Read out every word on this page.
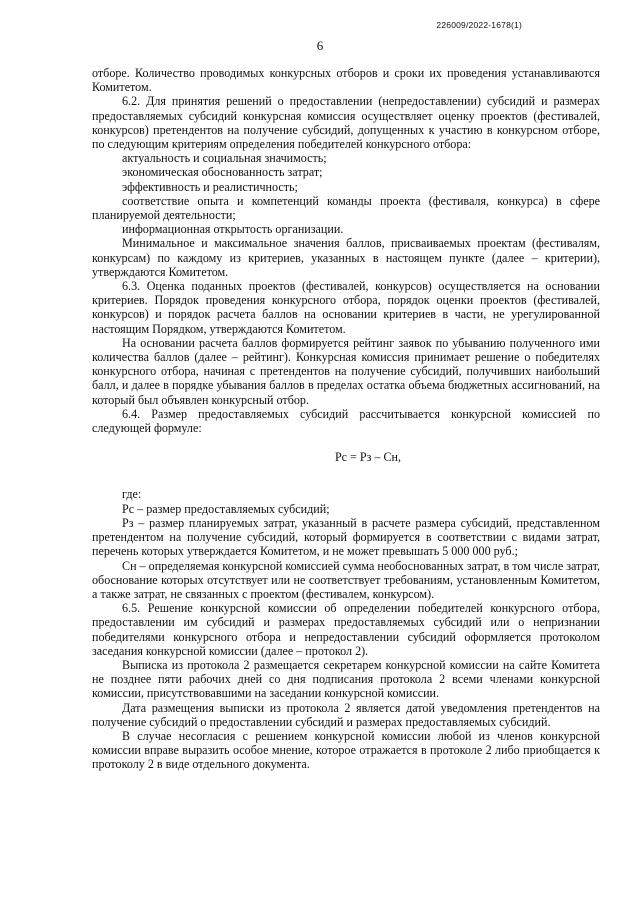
226009/2022-1678(1)
6

отборе. Количество проводимых конкурсных отборов и сроки их проведения устанавливаются Комитетом.

6.2. Для принятия решений о предоставлении (непредоставлении) субсидий и размерах предоставляемых субсидий конкурсная комиссия осуществляет оценку проектов (фестивалей, конкурсов) претендентов на получение субсидий, допущенных к участию в конкурсном отборе, по следующим критериям определения победителей конкурсного отбора:

актуальность и социальная значимость;

экономическая обоснованность затрат;

эффективность и реалистичность;

соответствие опыта и компетенций команды проекта (фестиваля, конкурса) в сфере планируемой деятельности;

информационная открытость организации.

Минимальное и максимальное значения баллов, присваиваемых проектам (фестивалям, конкурсам) по каждому из критериев, указанных в настоящем пункте (далее – критерии), утверждаются Комитетом.

6.3. Оценка поданных проектов (фестивалей, конкурсов) осуществляется на основании критериев. Порядок проведения конкурсного отбора, порядок оценки проектов (фестивалей, конкурсов) и порядок расчета баллов на основании критериев в части, не урегулированной настоящим Порядком, утверждаются Комитетом.

На основании расчета баллов формируется рейтинг заявок по убыванию полученного ими количества баллов (далее – рейтинг). Конкурсная комиссия принимает решение о победителях конкурсного отбора, начиная с претендентов на получение субсидий, получивших наибольший балл, и далее в порядке убывания баллов в пределах остатка объема бюджетных ассигнований, на который был объявлен конкурсный отбор.

6.4. Размер предоставляемых субсидий рассчитывается конкурсной комиссией по следующей формуле:

Рс = Рз – Сн,

где:

Рс – размер предоставляемых субсидий;

Рз – размер планируемых затрат, указанный в расчете размера субсидий, представленном претендентом на получение субсидий, который формируется в соответствии с видами затрат, перечень которых утверждается Комитетом, и не может превышать 5 000 000 руб.;

Сн – определяемая конкурсной комиссией сумма необоснованных затрат, в том числе затрат, обоснование которых отсутствует или не соответствует требованиям, установленным Комитетом, а также затрат, не связанных с проектом (фестивалем, конкурсом).

6.5. Решение конкурсной комиссии об определении победителей конкурсного отбора, предоставлении им субсидий и размерах предоставляемых субсидий или о непризнании победителями конкурсного отбора и непредоставлении субсидий оформляется протоколом заседания конкурсной комиссии (далее – протокол 2).

Выписка из протокола 2 размещается секретарем конкурсной комиссии на сайте Комитета не позднее пяти рабочих дней со дня подписания протокола 2 всеми членами конкурсной комиссии, присутствовавшими на заседании конкурсной комиссии.

Дата размещения выписки из протокола 2 является датой уведомления претендентов на получение субсидий о предоставлении субсидий и размерах предоставляемых субсидий.

В случае несогласия с решением конкурсной комиссии любой из членов конкурсной комиссии вправе выразить особое мнение, которое отражается в протоколе 2 либо приобщается к протоколу 2 в виде отдельного документа.
